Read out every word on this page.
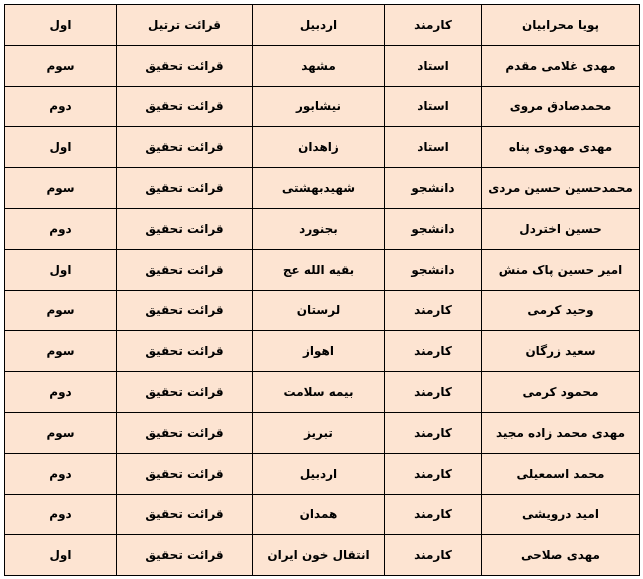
پویا محرابیان	کارمند	اردبیل	قرائت ترتیل	اول
مهدی غلامی مقدم	استاد	مشهد	قرائت تحقیق	سوم
محمدصادق مروی	استاد	نیشابور	قرائت تحقیق	دوم
مهدی مهدوی پناه	استاد	زاهدان	قرائت تحقیق	اول
محمدحسین حسین مردی	دانشجو	شهیدبهشتی	قرائت تحقیق	سوم
حسین اختردل	دانشجو	بجنورد	قرائت تحقیق	دوم
امیر حسین پاک منش	دانشجو	بقیه الله عج	قرائت تحقیق	اول
وحید کرمی	کارمند	لرستان	قرائت تحقیق	سوم
سعید زرگان	کارمند	اهواز	قرائت تحقیق	سوم
محمود کرمی	کارمند	بیمه سلامت	قرائت تحقیق	دوم
مهدی محمد زاده مجید	کارمند	تبریز	قرائت تحقیق	سوم
محمد اسمعیلی	کارمند	اردبیل	قرائت تحقیق	دوم
امید درویشی	کارمند	همدان	قرائت تحقیق	دوم
مهدی صلاحی	کارمند	انتقال خون ایران	قرائت تحقیق	اول
